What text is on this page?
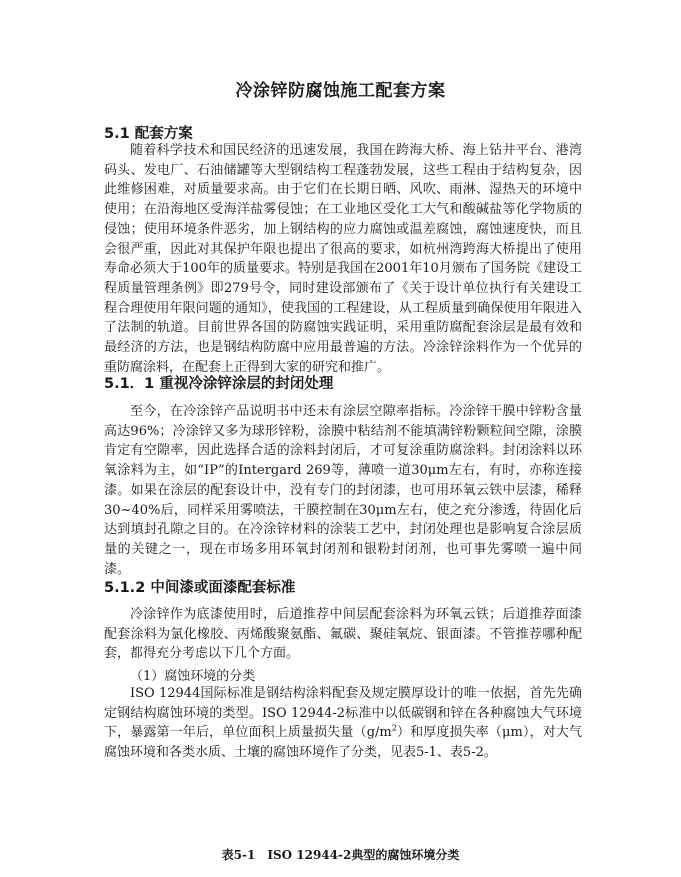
冷涂锌防腐蚀施工配套方案
5.1 配套方案

随着科学技术和国民经济的迅速发展，我国在跨海大桥、海上钻井平台、港湾码头、发电厂、石油储罐等大型钢结构工程蓬勃发展，这些工程由于结构复杂，因此维修困难，对质量要求高。由于它们在长期日晒、风吹、雨淋、湿热天的环境中使用；在沿海地区受海洋盐雾侵蚀；在工业地区受化工大气和酸碱盐等化学物质的侵蚀；使用环境条件恶劣，加上钢结构的应力腐蚀或温差腐蚀，腐蚀速度快，而且会很严重，因此对其保护年限也提出了很高的要求，如杭州湾跨海大桥提出了使用寿命必须大于100年的质量要求。特别是我国在2001年10月颁布了国务院《建设工程质量管理条例》即279号令，同时建设部颁布了《关于设计单位执行有关建设工程合理使用年限问题的通知》，使我国的工程建设，从工程质量到确保使用年限进入了法制的轨道。目前世界各国的防腐蚀实践证明，采用重防腐配套涂层是最有效和最经济的方法，也是钢结构防腐中应用最普遍的方法。冷涂锌涂料作为一个优异的重防腐涂料，在配套上正得到大家的研究和推广。

5.1．1 重视冷涂锌涂层的封闭处理

至今，在冷涂锌产品说明书中还未有涂层空隙率指标。冷涂锌干膜中锌粉含量高达96%；冷涂锌又多为球形锌粉，涂膜中粘结剂不能填满锌粉颗粒间空隙，涂膜肯定有空隙率，因此选择合适的涂料封闭后，才可复涂重防腐涂料。封闭涂料以环氧涂料为主，如“IP”的Intergard 269等，薄喷一道30μm左右，有时，亦称连接漆。如果在涂层的配套设计中，没有专门的封闭漆，也可用环氧云铁中层漆，稀释30~40%后，同样采用雾喷法，干膜控制在30μm左右，使之充分渗透，待固化后达到填封孔隙之目的。在冷涂锌材料的涂装工艺中，封闭处理也是影响复合涂层质量的关键之一，现在市场多用环氧封闭剂和银粉封闭剂，也可事先雾喷一遍中间漆。

5.1.2 中间漆或面漆配套标准

冷涂锌作为底漆使用时，后道推荐中间层配套涂料为环氧云铁；后道推荐面漆配套涂料为氯化橡胶、丙烯酸聚氨酯、氟碳、聚硅氧烷、银面漆。不管推荐哪种配套，都得充分考虑以下几个方面。

（1）腐蚀环境的分类

ISO 12944国际标准是钢结构涂料配套及规定膜厚设计的唯一依据，首先先确定钢结构腐蚀环境的类型。ISO 12944-2标准中以低碳钢和锌在各种腐蚀大气环境下，暴露第一年后，单位面积上质量损失量$(g/m^2)$和厚度损失率（μm），对大气腐蚀环境和各类水质、土壤的腐蚀环境作了分类，见表5-1、表5-2。

表5-1　ISO 12944-2典型的腐蚀环境分类
